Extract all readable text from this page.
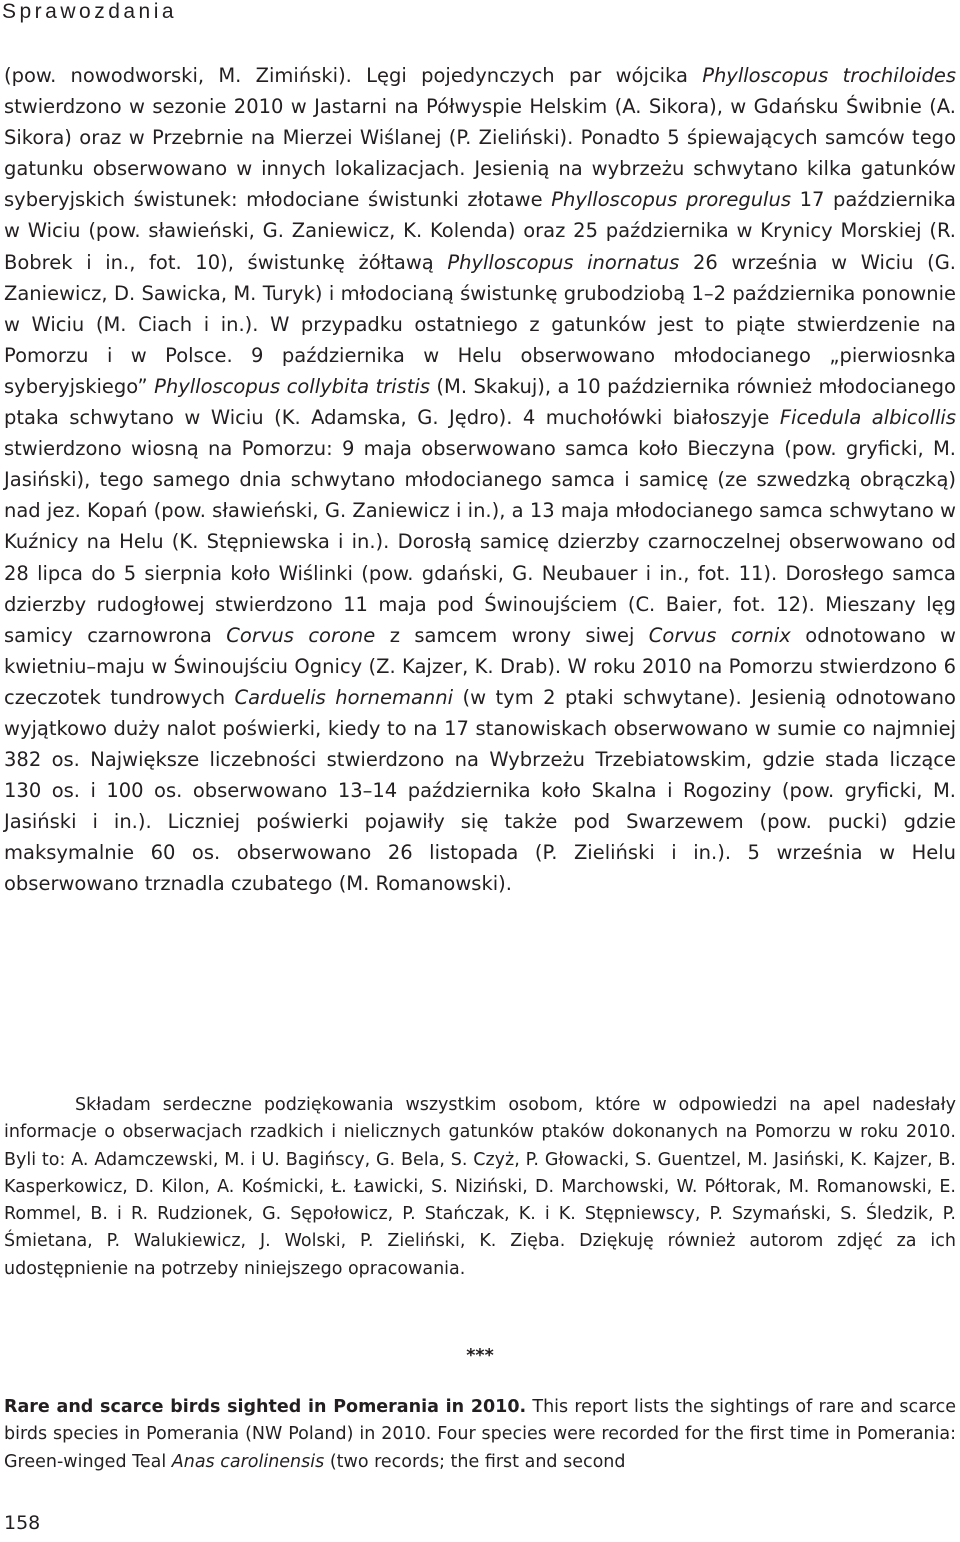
Sprawozdania

(pow. nowodworski, M. Zimiński). Lęgi pojedynczych par wójcika Phylloscopus trochiloides stwierdzono w sezonie 2010 w Jastarni na Półwyspie Helskim (A. Sikora), w Gdańsku Świbnie (A. Sikora) oraz w Przebrnie na Mierzei Wiślanej (P. Zieliński). Ponadto 5 śpiewających samców tego gatunku obserwowano w innych lokalizacjach. Jesienią na wybrzeżu schwytano kilka gatunków syberyjskich świstunek: młodociane świstunki złotawe Phylloscopus proregulus 17 października w Wiciu (pow. sławieński, G. Zaniewicz, K. Kolenda) oraz 25 października w Krynicy Morskiej (R. Bobrek i in., fot. 10), świstunkę żółtawą Phylloscopus inornatus 26 września w Wiciu (G. Zaniewicz, D. Sawicka, M. Turyk) i młodocianą świstunkę grubodziobą 1–2 października ponownie w Wiciu (M. Ciach i in.). W przypadku ostatniego z gatunków jest to piąte stwierdzenie na Pomorzu i w Polsce. 9 października w Helu obserwowano młodocianego „pierwiosnka syberyjskiego” Phylloscopus collybita tristis (M. Skakuj), a 10 października również młodocianego ptaka schwytano w Wiciu (K. Adamska, G. Jędro). 4 muchołówki białoszyje Ficedula albicollis stwierdzono wiosną na Pomorzu: 9 maja obserwowano samca koło Bieczyna (pow. gryficki, M. Jasiński), tego samego dnia schwytano młodocianego samca i samicę (ze szwedzką obrączką) nad jez. Kopań (pow. sławieński, G. Zaniewicz i in.), a 13 maja młodocianego samca schwytano w Kuźnicy na Helu (K. Stępniewska i in.). Dorosłą samicę dzierzby czarnoczelnej obserwowano od 28 lipca do 5 sierpnia koło Wiślinki (pow. gdański, G. Neubauer i in., fot. 11). Dorosłego samca dzierzby rudogłowej stwierdzono 11 maja pod Świnoujściem (C. Baier, fot. 12). Mieszany lęg samicy czarnowrona Corvus corone z samcem wrony siwej Corvus cornix odnotowano w kwietniu–maju w Świnoujściu Ognicy (Z. Kajzer, K. Drab). W roku 2010 na Pomorzu stwierdzono 6 czeczotek tundrowych Carduelis hornemanni (w tym 2 ptaki schwytane). Jesienią odnotowano wyjątkowo duży nalot poświerki, kiedy to na 17 stanowiskach obserwowano w sumie co najmniej 382 os. Największe liczebności stwierdzono na Wybrzeżu Trzebiatowskim, gdzie stada liczące 130 os. i 100 os. obserwowano 13–14 października koło Skalna i Rogoziny (pow. gryficki, M. Jasiński i in.). Liczniej poświerki pojawiły się także pod Swarzewem (pow. pucki) gdzie maksymalnie 60 os. obserwowano 26 listopada (P. Zieliński i in.). 5 września w Helu obserwowano trznadla czubatego (M. Romanowski).

Składam serdeczne podziękowania wszystkim osobom, które w odpowiedzi na apel nadesłały informacje o obserwacjach rzadkich i nielicznych gatunków ptaków dokonanych na Pomorzu w roku 2010. Byli to: A. Adamczewski, M. i U. Bagińscy, G. Bela, S. Czyż, P. Głowacki, S. Guentzel, M. Jasiński, K. Kajzer, B. Kasperkowicz, D. Kilon, A. Kośmicki, Ł. Ławicki, S. Niziński, D. Marchowski, W. Półtorak, M. Romanowski, E. Rommel, B. i R. Rudzionek, G. Sępołowicz, P. Stańczak, K. i K. Stępniewscy, P. Szymański, S. Śledzik, P. Śmietana, P. Walukiewicz, J. Wolski, P. Zieliński, K. Zięba. Dziękuję również autorom zdjęć za ich udostępnienie na potrzeby niniejszego opracowania.

***

Rare and scarce birds sighted in Pomerania in 2010. This report lists the sightings of rare and scarce birds species in Pomerania (NW Poland) in 2010. Four species were recorded for the first time in Pomerania: Green-winged Teal Anas carolinensis (two records; the first and second

158
